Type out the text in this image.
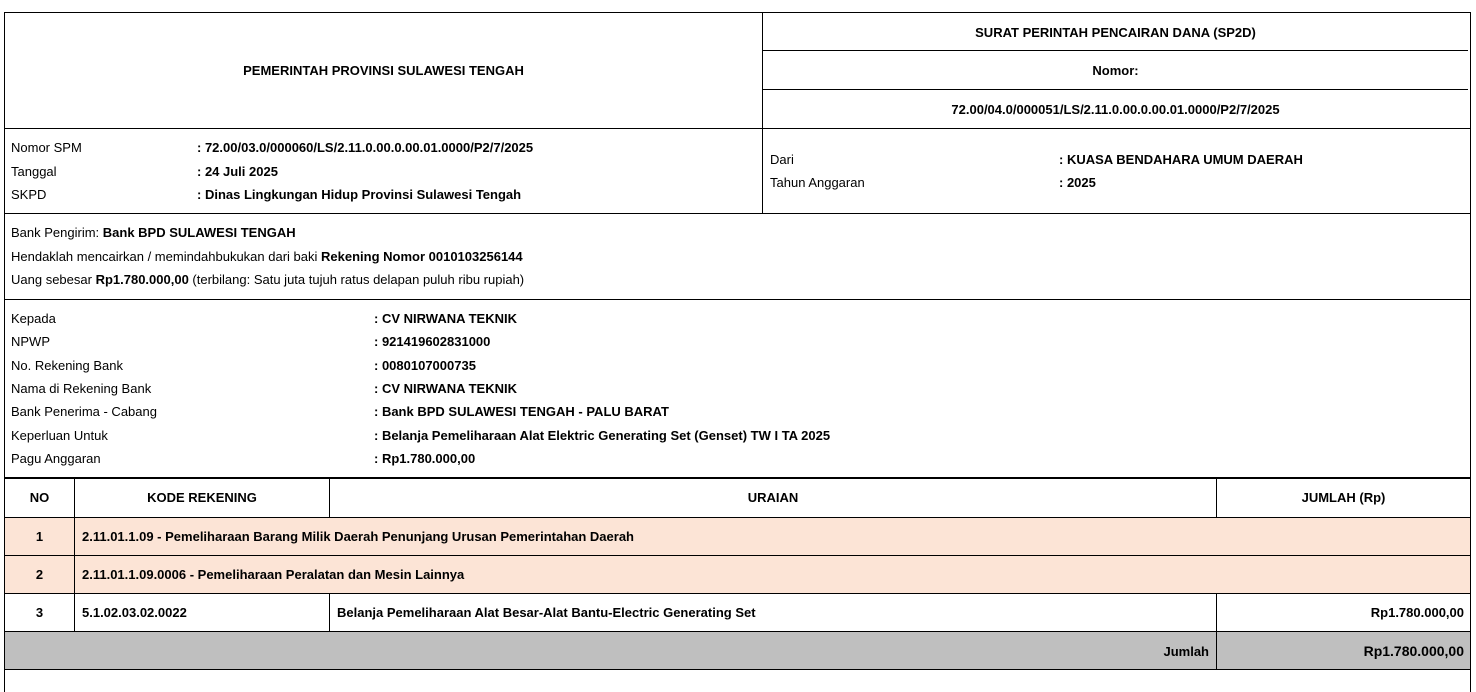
PEMERINTAH PROVINSI SULAWESI TENGAH
SURAT PERINTAH PENCAIRAN DANA (SP2D)
Nomor:
72.00/04.0/000051/LS/2.11.0.00.0.00.01.0000/P2/7/2025
Nomor SPM	: 72.00/03.0/000060/LS/2.11.0.00.0.00.01.0000/P2/7/2025
Tanggal	: 24 Juli 2025
SKPD	: Dinas Lingkungan Hidup Provinsi Sulawesi Tengah
Dari	: KUASA BENDAHARA UMUM DAERAH
Tahun Anggaran	: 2025
Bank Pengirim: Bank BPD SULAWESI TENGAH
Hendaklah mencairkan / memindahbukukan dari baki Rekening Nomor 0010103256144
Uang sebesar Rp1.780.000,00 (terbilang: Satu juta tujuh ratus delapan puluh ribu rupiah)
NO	KODE REKENING	URAIAN	JUMLAH (Rp)
1	2.11.01.1.09 - Pemeliharaan Barang Milik Daerah Penunjang Urusan Pemerintahan Daerah
2	2.11.01.1.09.0006 - Pemeliharaan Peralatan dan Mesin Lainnya
3	5.1.02.03.02.0022	Belanja Pemeliharaan Alat Besar-Alat Bantu-Electric Generating Set	Rp1.780.000,00
Jumlah	Rp1.780.000,00
Kepada	: CV NIRWANA TEKNIK
NPWP	: 921419602831000
No. Rekening Bank	: 0080107000735
Nama di Rekening Bank	: CV NIRWANA TEKNIK
Bank Penerima - Cabang	: Bank BPD SULAWESI TENGAH - PALU BARAT
Keperluan Untuk	: Belanja Pemeliharaan Alat Elektric Generating Set (Genset) TW I TA 2025
Pagu Anggaran	: Rp1.780.000,00
